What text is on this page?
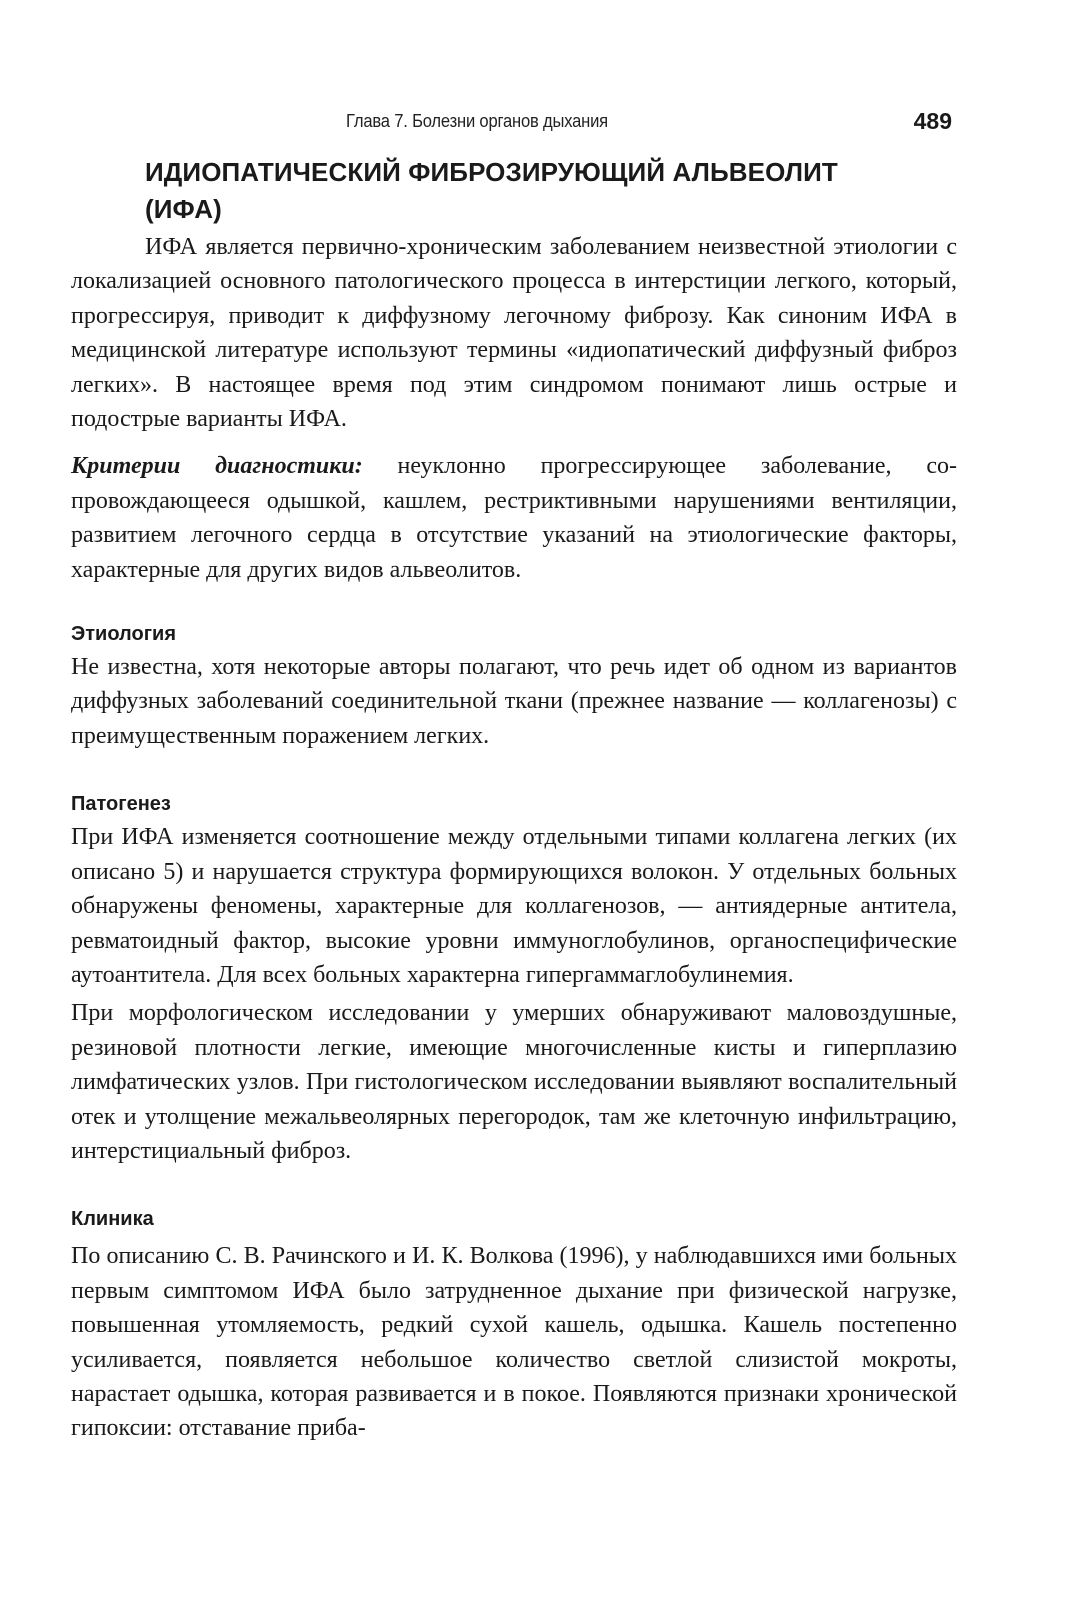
Глава 7. Болезни органов дыхания	489
ИДИОПАТИЧЕСКИЙ ФИБРОЗИРУЮЩИЙ АЛЬВЕОЛИТ
(ИФА)

ИФА является первично-хроническим заболеванием неизвестной этиологии с локализацией основного патологического процесса в интерстиции легкого, который, прогрессируя, приводит к диффузному легочному фиброзу. Как синоним ИФА в медицинской литературе используют термины «идиопатический диффузный фиброз легких». В настоящее время под этим синдромом понимают лишь острые и подострые варианты ИФА.

Критерии диагностики: неуклонно прогрессирующее заболевание, сопровождающееся одышкой, кашлем, рестриктивными нарушениями вентиляции, развитием легочного сердца в отсутствие указаний на этиологические факторы, характерные для других видов альвеолитов.

Этиология

Не известна, хотя некоторые авторы полагают, что речь идет об одном из вариантов диффузных заболеваний соединительной ткани (прежнее название — коллагенозы) с преимущественным поражением легких.

Патогенез

При ИФА изменяется соотношение между отдельными типами коллагена легких (их описано 5) и нарушается структура формирующихся волокон. У отдельных больных обнаружены феномены, характерные для коллагенозов, — антиядерные антитела, ревматоидный фактор, высокие уровни иммуноглобулинов, органоспецифические аутоантитела. Для всех больных характерна гипергаммаглобулинемия.

При морфологическом исследовании у умерших обнаруживают маловоздушные, резиновой плотности легкие, имеющие многочисленные кисты и гиперплазию лимфатических узлов. При гистологическом исследовании выявляют воспалительный отек и утолщение межальвеолярных перегородок, там же клеточную инфильтрацию, интерстициальный фиброз.

Клиника

По описанию С. В. Рачинского и И. К. Волкова (1996), у наблюдавшихся ими больных первым симптомом ИФА было затрудненное дыхание при физической нагрузке, повышенная утомляемость, редкий сухой кашель, одышка. Кашель постепенно усиливается, появляется небольшое количество светлой слизистой мокроты, нарастает одышка, которая развивается и в покое. Появляются признаки хронической гипоксии: отставание приба-
